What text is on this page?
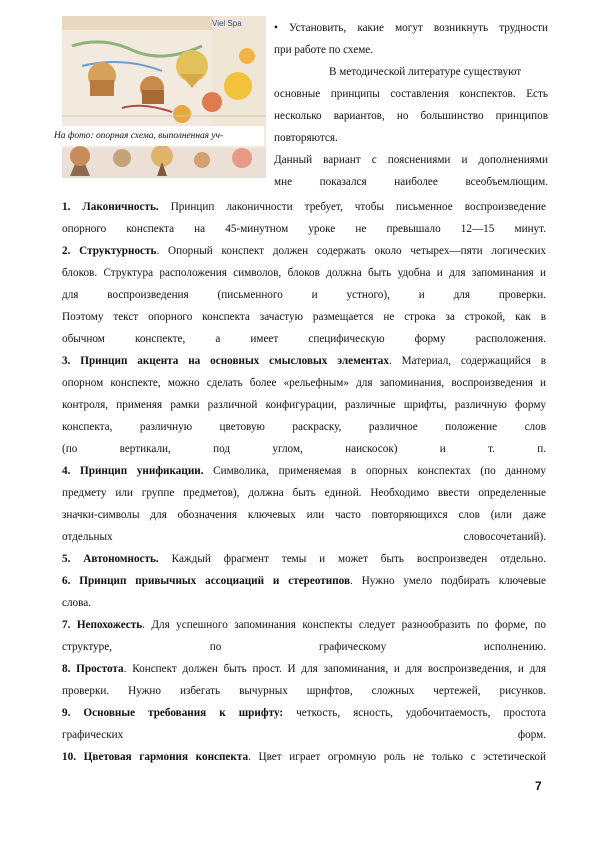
Viel Spa
На фото: опорная схема, выполненная уч-
• Установить, какие могут возникнуть трудности
при работе по схеме.
В методической литературе существуют
основные принципы составления конспектов. Есть
несколько вариантов, но большинство принципов
повторяются.
Данный вариант с пояснениями и дополнениями
мне показался наиболее всеобъемлющим.
1. Лаконичность. Принцип лаконичности требует, чтобы письменное воспроизведение
опорного конспекта на 45-минутном уроке не превышало 12—15 минут.
2. Структурность. Опорный конспект должен содержать около четырех—пяти логических
блоков. Структура расположения символов, блоков должна быть удобна и для запоминания и
для воспроизведения (письменного и устного), и для проверки.
Поэтому текст опорного конспекта зачастую размещается не строка за строкой, как в
обычном конспекте, а имеет специфическую форму расположения.
3. Принцип акцента на основных смысловых элементах. Материал, содержащийся в
опорном конспекте, можно сделать более «рельефным» для запоминания, воспроизведения и
контроля, применяя рамки различной конфигурации, различные шрифты, различную форму
конспекта, различную цветовую раскраску, различное положение слов
(по вертикали, под углом, наискосок) и т. п.
4. Принцип унификации. Символика, применяемая в опорных конспектах (по данному
предмету или группе предметов), должна быть единой. Необходимо ввести определенные
значки-символы для обозначения ключевых или часто повторяющихся слов (или даже
отдельных словосочетаний).
5. Автономность. Каждый фрагмент темы и может быть воспроизведен отдельно.
6. Принцип привычных ассоциаций и стереотипов. Нужно умело подбирать ключевые
слова.
7. Непохожесть. Для успешного запоминания конспекты следует разнообразить по форме, по
структуре, по графическому исполнению.
8. Простота. Конспект должен быть прост. И для запоминания, и для воспроизведения, и для
проверки. Нужно избегать вычурных шрифтов, сложных чертежей, рисунков.
9. Основные требования к шрифту: четкость, ясность, удобочитаемость, простота
графических форм.
10. Цветовая гармония конспекта. Цвет играет огромную роль не только с эстетической
7
